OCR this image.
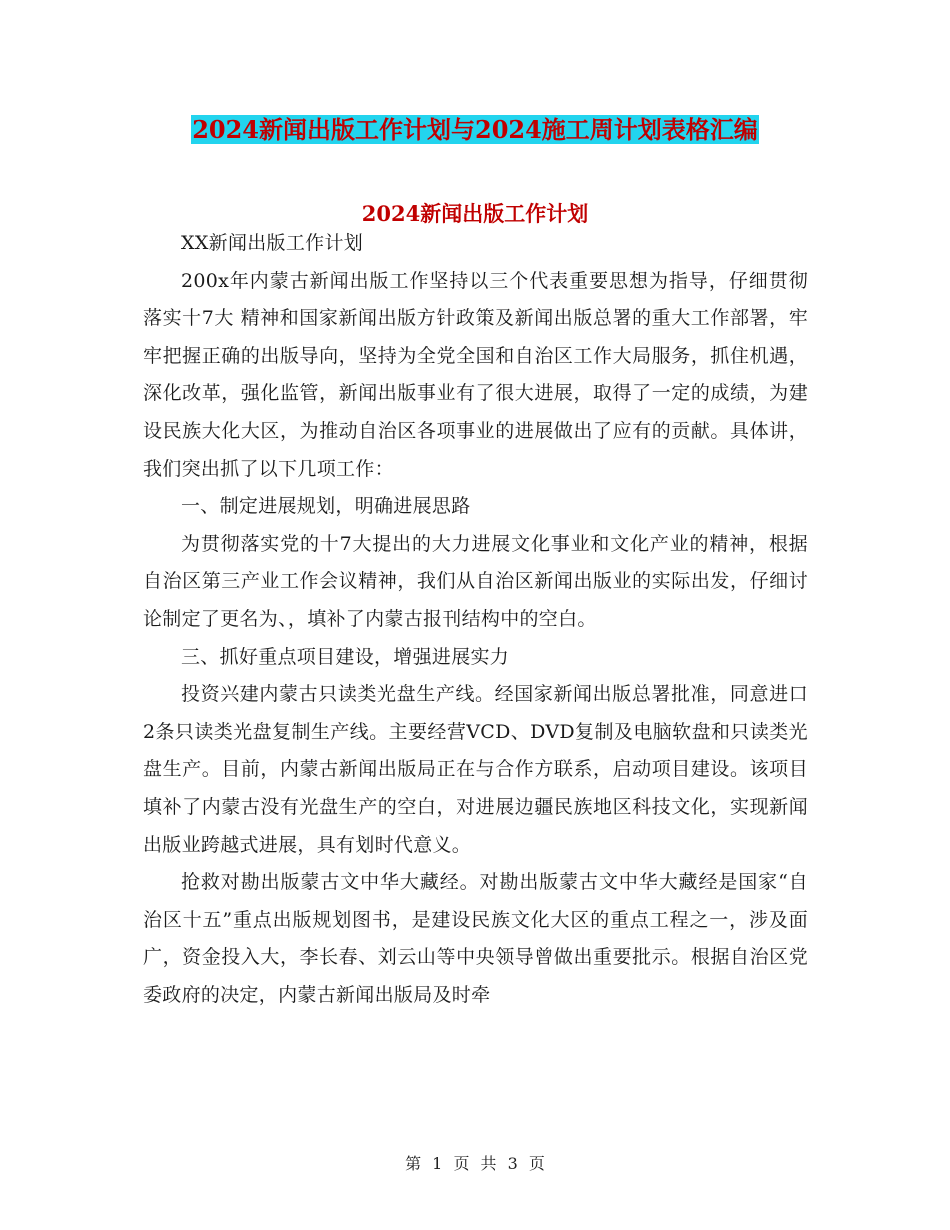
2024新闻出版工作计划与2024施工周计划表格汇编
2024新闻出版工作计划

XX新闻出版工作计划

200x年内蒙古新闻出版工作坚持以三个代表重要思想为指导，仔细贯彻落实十7大 精神和国家新闻出版方针政策及新闻出版总署的重大工作部署，牢牢把握正确的出版导向，坚持为全党全国和自治区工作大局服务，抓住机遇，深化改革，强化监管，新闻出版事业有了很大进展，取得了一定的成绩，为建设民族大化大区，为推动自治区各项事业的进展做出了应有的贡献。具体讲，我们突出抓了以下几项工作：

一、制定进展规划，明确进展思路

为贯彻落实党的十7大提出的大力进展文化事业和文化产业的精神，根据自治区第三产业工作会议精神，我们从自治区新闻出版业的实际出发，仔细讨论制定了更名为、，填补了内蒙古报刊结构中的空白。

三、抓好重点项目建设，增强进展实力

投资兴建内蒙古只读类光盘生产线。经国家新闻出版总署批准，同意进口2条只读类光盘复制生产线。主要经营VCD、DVD复制及电脑软盘和只读类光盘生产。目前，内蒙古新闻出版局正在与合作方联系，启动项目建设。该项目填补了内蒙古没有光盘生产的空白，对进展边疆民族地区科技文化，实现新闻出版业跨越式进展，具有划时代意义。

抢救对勘出版蒙古文中华大藏经。对勘出版蒙古文中华大藏经是国家“自治区十五”重点出版规划图书，是建设民族文化大区的重点工程之一，涉及面广，资金投入大，李长春、刘云山等中央领导曾做出重要批示。根据自治区党委政府的决定，内蒙古新闻出版局及时牵

第 1 页 共 3 页
